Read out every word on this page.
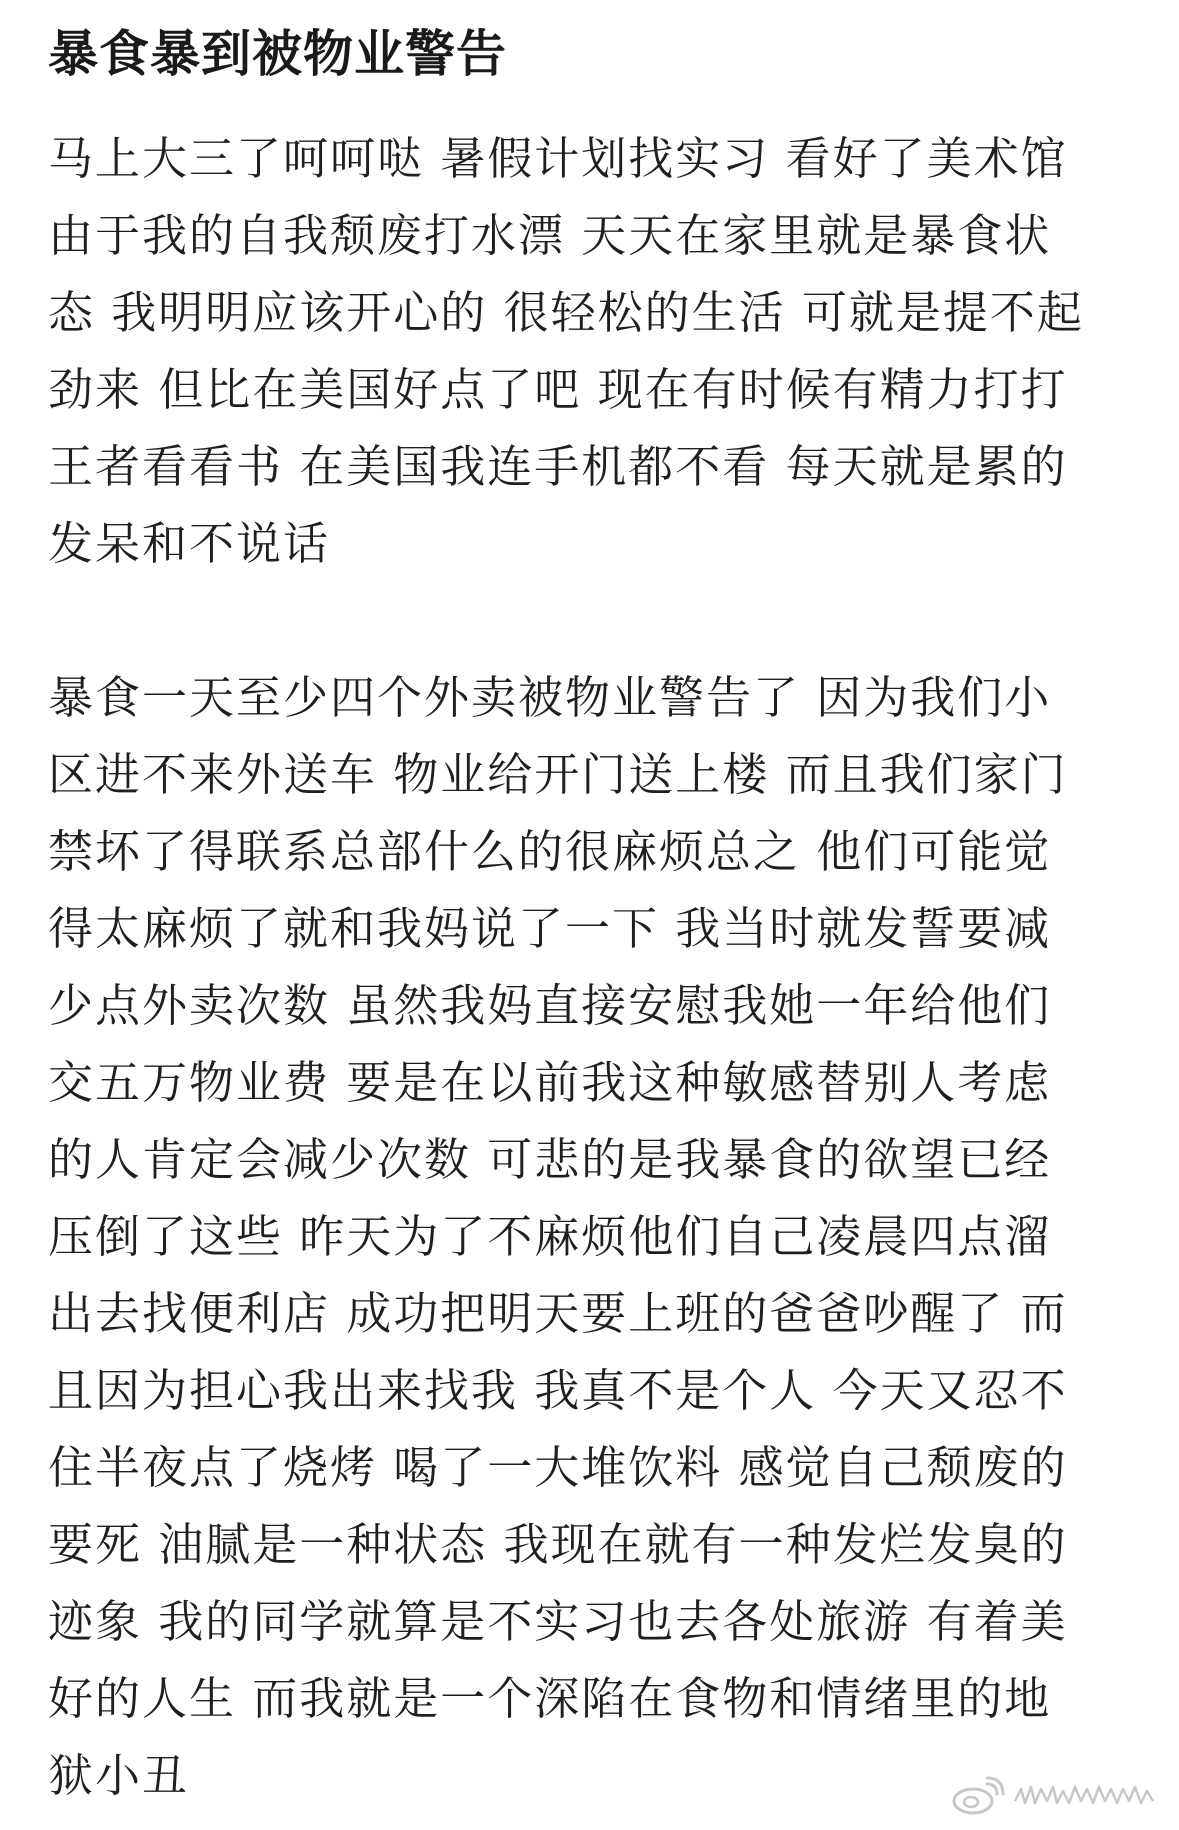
暴食暴到被物业警告
马上大三了呵呵哒 暑假计划找实习 看好了美术馆
由于我的自我颓废打水漂 天天在家里就是暴食状
态 我明明应该开心的 很轻松的生活 可就是提不起
劲来 但比在美国好点了吧 现在有时候有精力打打
王者看看书 在美国我连手机都不看 每天就是累的
发呆和不说话
暴食一天至少四个外卖被物业警告了 因为我们小
区进不来外送车 物业给开门送上楼 而且我们家门
禁坏了得联系总部什么的很麻烦总之 他们可能觉
得太麻烦了就和我妈说了一下 我当时就发誓要减
少点外卖次数 虽然我妈直接安慰我她一年给他们
交五万物业费 要是在以前我这种敏感替别人考虑
的人肯定会减少次数 可悲的是我暴食的欲望已经
压倒了这些 昨天为了不麻烦他们自己凌晨四点溜
出去找便利店 成功把明天要上班的爸爸吵醒了 而
且因为担心我出来找我 我真不是个人 今天又忍不
住半夜点了烧烤 喝了一大堆饮料 感觉自己颓废的
要死 油腻是一种状态 我现在就有一种发烂发臭的
迹象 我的同学就算是不实习也去各处旅游 有着美
好的人生 而我就是一个深陷在食物和情绪里的地
狱小丑
